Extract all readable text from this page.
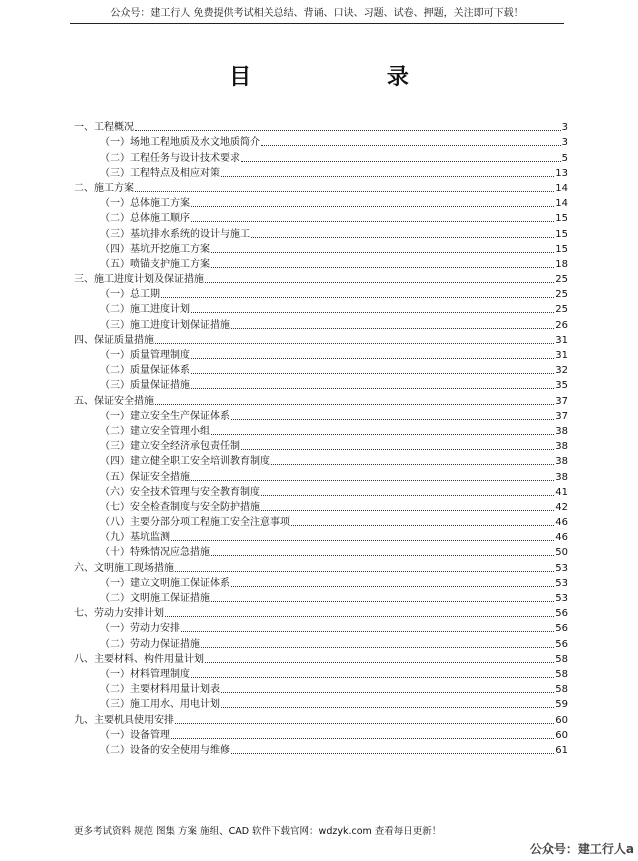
公众号：建工行人 免费提供考试相关总结、背诵、口诀、习题、试卷、押题，关注即可下载！
目 录
一、工程概况	3
（一）场地工程地质及水文地质简介	3
（二）工程任务与设计技术要求	5
（三）工程特点及相应对策	13
二、施工方案	14
（一）总体施工方案	14
（二）总体施工顺序	15
（三）基坑排水系统的设计与施工	15
（四）基坑开挖施工方案	15
（五）喷锚支护施工方案	18
三、施工进度计划及保证措施	25
（一）总工期	25
（二）施工进度计划	25
（三）施工进度计划保证措施	26
四、保证质量措施	31
（一）质量管理制度	31
（二）质量保证体系	32
（三）质量保证措施	35
五、保证安全措施	37
（一）建立安全生产保证体系	37
（二）建立安全管理小组	38
（三）建立安全经济承包责任制	38
（四）建立健全职工安全培训教育制度	38
（五）保证安全措施	38
（六）安全技术管理与安全教育制度	41
（七）安全检查制度与安全防护措施	42
（八）主要分部分项工程施工安全注意事项	46
（九）基坑监测	46
（十）特殊情况应急措施	50
六、文明施工现场措施	53
（一）建立文明施工保证体系	53
（二）文明施工保证措施	53
七、劳动力安排计划	56
（一）劳动力安排	56
（二）劳动力保证措施	56
八、主要材料、构件用量计划	58
（一）材料管理制度	58
（二）主要材料用量计划表	58
（三）施工用水、用电计划	59
九、主要机具使用安排	60
（一）设备管理	60
（二）设备的安全使用与维修	61
更多考试资料 规范 图集 方案 施组、CAD 软件下载官网：wdzyk.com 查看每日更新！
公众号：建工行人a
